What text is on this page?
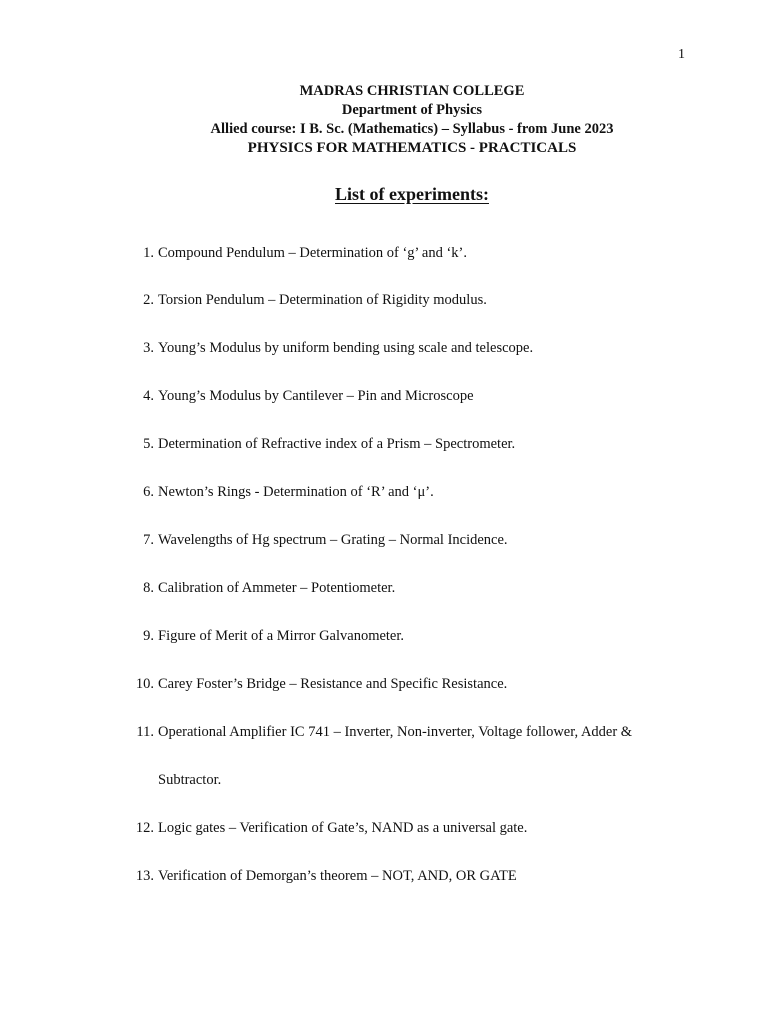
1
MADRAS CHRISTIAN COLLEGE
Department of Physics
Allied course: I B. Sc. (Mathematics) – Syllabus - from June 2023
PHYSICS FOR MATHEMATICS - PRACTICALS
List of experiments:
1. Compound Pendulum – Determination of ‘g’ and ‘k’.
2. Torsion Pendulum – Determination of Rigidity modulus.
3. Young’s Modulus by uniform bending using scale and telescope.
4. Young’s Modulus by Cantilever – Pin and Microscope
5. Determination of Refractive index of a Prism – Spectrometer.
6. Newton’s Rings - Determination of ‘R’ and ‘μ’.
7. Wavelengths of Hg spectrum – Grating – Normal Incidence.
8. Calibration of Ammeter – Potentiometer.
9. Figure of Merit of a Mirror Galvanometer.
10. Carey Foster’s Bridge – Resistance and Specific Resistance.
11. Operational Amplifier IC 741 – Inverter, Non-inverter, Voltage follower, Adder &
Subtractor.
12. Logic gates – Verification of Gate’s, NAND as a universal gate.
13. Verification of Demorgan’s theorem – NOT, AND, OR GATE
